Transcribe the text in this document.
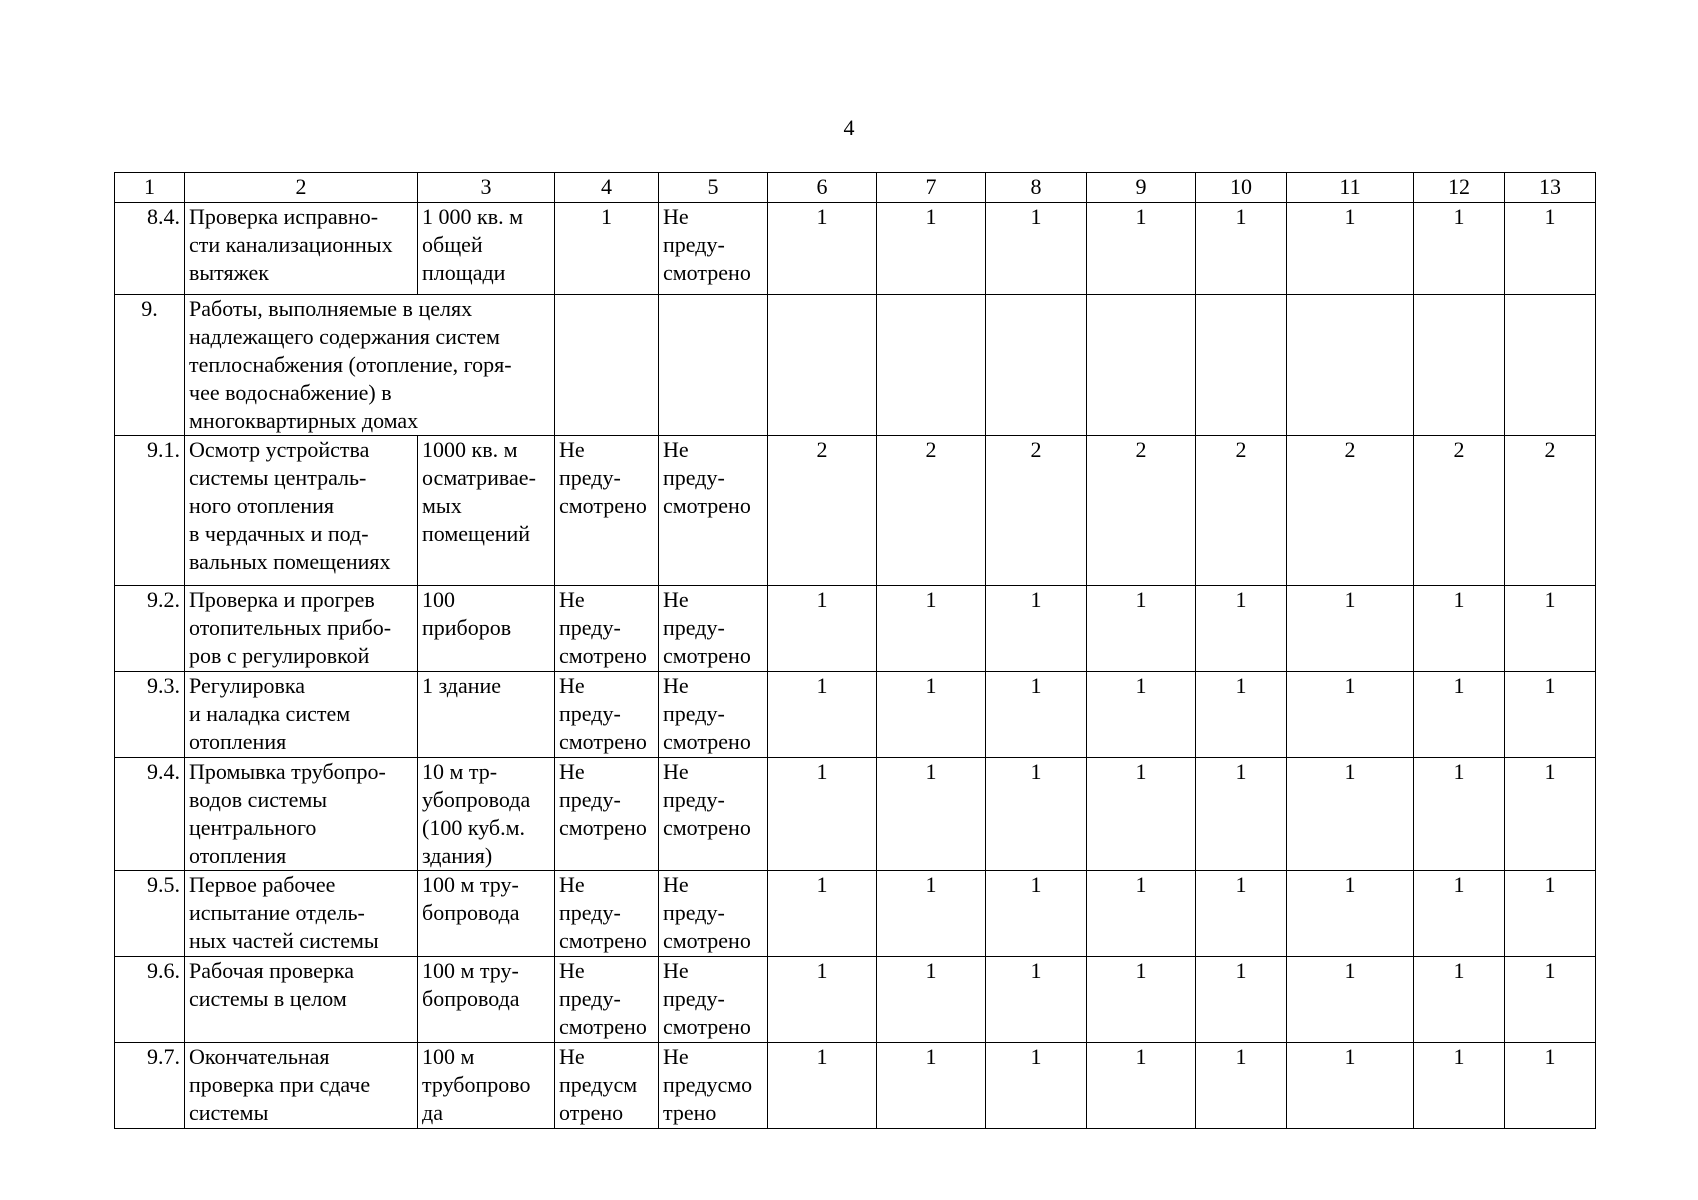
4
1	2	3	4	5	6	7	8	9	10	11	12	13
8.4.	Проверка исправно-
сти канализационных
вытяжек	1 000 кв. м
общей
площади	1	Не
преду-
смотрено	1	1	1	1	1	1	1	1
9.	Работы, выполняемые в целях
надлежащего содержания систем
теплоснабжения (отопление, горя-
чее водоснабжение) в
многоквартирных домах											
9.1.	Осмотр устройства
системы централь-
ного отопления
в чердачных и под-
вальных помещениях	1000 кв. м
осматривае-
мых
помещений	Не
преду-
смотрено	Не
преду-
смотрено	2	2	2	2	2	2	2	2
9.2.	Проверка и прогрев
отопительных прибо-
ров с регулировкой	100
приборов	Не
преду-
смотрено	Не
преду-
смотрено	1	1	1	1	1	1	1	1
9.3.	Регулировка
и наладка систем
отопления	1 здание	Не
преду-
смотрено	Не
преду-
смотрено	1	1	1	1	1	1	1	1
9.4.	Промывка трубопро-
водов системы
центрального
отопления	10 м тр-
убопровода
(100 куб.м.
здания)	Не
преду-
смотрено	Не
преду-
смотрено	1	1	1	1	1	1	1	1
9.5.	Первое рабочее
испытание отдель-
ных частей системы	100 м тру-
бопровода	Не
преду-
смотрено	Не
преду-
смотрено	1	1	1	1	1	1	1	1
9.6.	Рабочая проверка
системы в целом	100 м тру-
бопровода	Не
преду-
смотрено	Не
преду-
смотрено	1	1	1	1	1	1	1	1
9.7.	Окончательная
проверка при сдаче
системы	100 м
трубопрово
да	Не
предусм
отрено	Не
предусмо
трено	1	1	1	1	1	1	1	1
